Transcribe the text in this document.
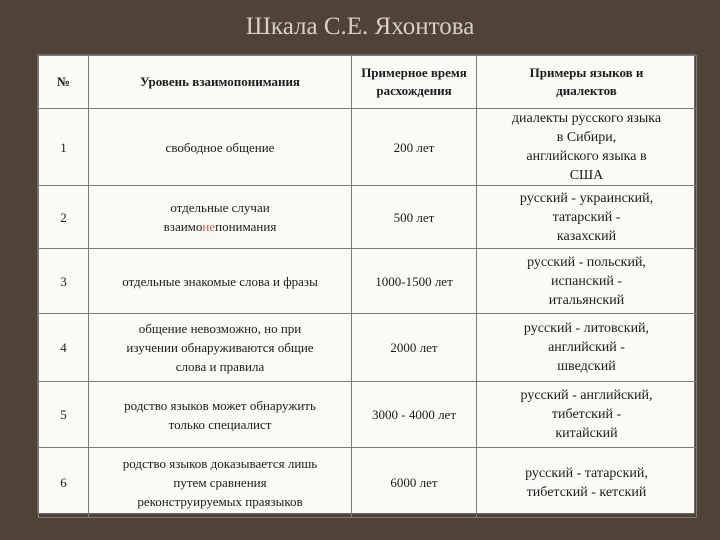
Шкала С.Е. Яхонтова
№	Уровень взаимопонимания	Примерное время
расхождения	Примеры языков и
диалектов
1	свободное общение	200 лет	диалекты русского языка
в Сибири,
английского языка в
США
2	отдельные случаи
взаимонепонимания	500 лет	русский - украинский,
татарский -
казахский
3	отдельные знакомые слова и фразы	1000-1500 лет	русский - польский,
испанский -
итальянский
4	общение невозможно, но при
изучении обнаруживаются общие
слова и правила	2000 лет	русский - литовский,
английский -
шведский
5	родство языков может обнаружить
только специалист	3000 - 4000 лет	русский - английский,
тибетский -
китайский
6	родство языков доказывается лишь
путем сравнения
реконструируемых праязыков	6000 лет	русский - татарский,
тибетский - кетский
